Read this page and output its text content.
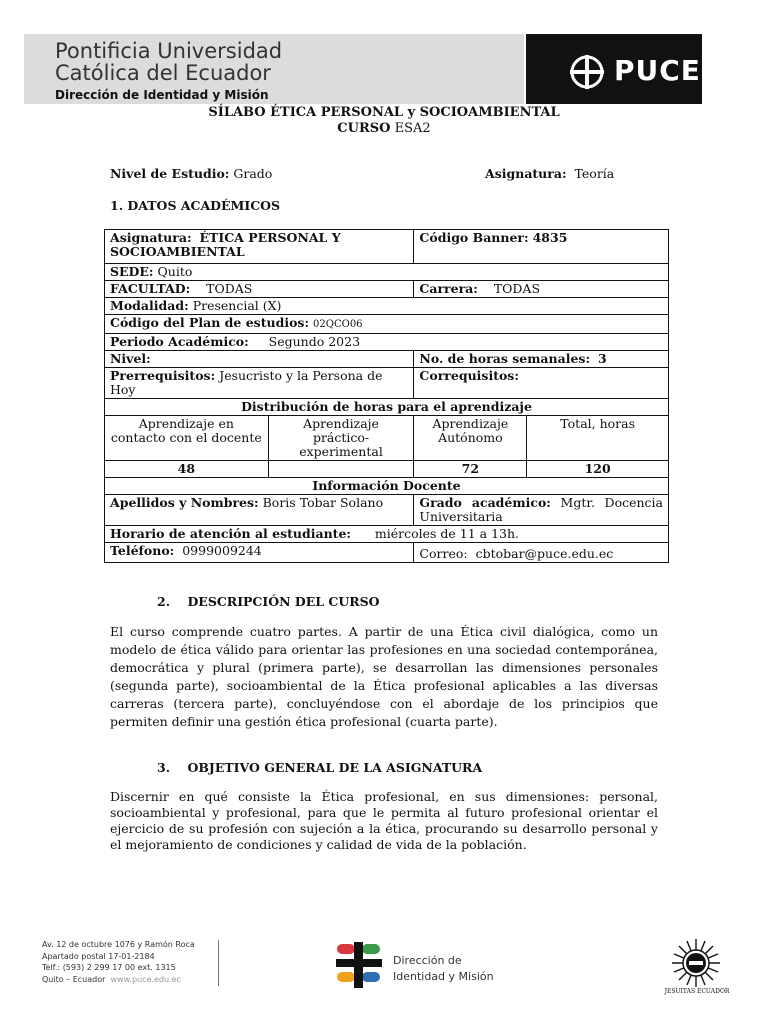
Pontificia Universidad
Católica del Ecuador
Dirección de Identidad y Misión
PUCE
SÍLABO ÉTICA PERSONAL y SOCIOAMBIENTAL
CURSO ESA2
Nivel de Estudio: Grado	Asignatura: Teoría
1. DATOS ACADÉMICOS
Asignatura: ÉTICA PERSONAL Y SOCIOAMBIENTAL		Código Banner: 4835	
SEDE: Quito			
FACULTAD: TODAS		Carrera: TODAS	
Modalidad: Presencial (X)			
Código del Plan de estudios: 02QCO06			
Periodo Académico: Segundo 2023			
Nivel:		No. de horas semanales: 3	
Prerrequisitos: Jesucristo y la Persona de Hoy		Correquisitos:	
Distribución de horas para el aprendizaje			
Aprendizaje en contacto con el docente	Aprendizaje práctico-experimental	Aprendizaje Autónomo	Total, horas
48		72	120
Información Docente			
Apellidos y Nombres: Boris Tobar Solano		Grado académico: Mgtr. Docencia Universitaria	
Horario de atención al estudiante: miércoles de 11 a 13h.			
Teléfono: 0999009244		Correo: cbtobar@puce.edu.ec	
2.    DESCRIPCIÓN DEL CURSO
El curso comprende cuatro partes. A partir de una Ética civil dialógica, como un modelo de ética válido para orientar las profesiones en una sociedad contemporánea, democrática y plural (primera parte), se desarrollan las dimensiones personales (segunda parte), socioambiental de la Ética profesional aplicables a las diversas carreras (tercera parte), concluyéndose con el abordaje de los principios que permiten definir una gestión ética profesional (cuarta parte).
3.    OBJETIVO GENERAL DE LA ASIGNATURA
Discernir en qué consiste la Ética profesional, en sus dimensiones: personal, socioambiental y profesional, para que le permita al futuro profesional orientar el ejercicio de su profesión con sujeción a la ética, procurando su desarrollo personal y el mejoramiento de condiciones y calidad de vida de la población.
Av. 12 de octubre 1076 y Ramón Roca
Apartado postal 17-01-2184
Telf.: (593) 2 299 17 00 ext. 1315
Quito – Ecuador www.puce.edu.ec
Dirección de
Identidad y Misión
JESUITAS ECUADOR
